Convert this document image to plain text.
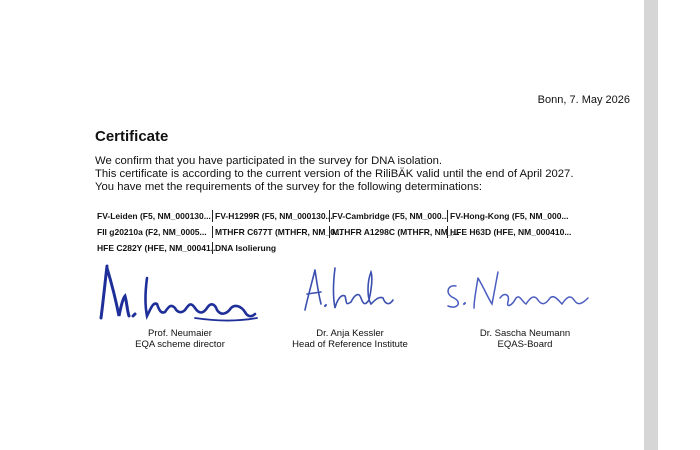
Bonn, 7. May 2026
Certificate
We confirm that you have participated in the survey for DNA isolation.
This certificate is according to the current version of the RiliBÄK valid until the end of April 2027.
You have met the requirements of the survey for the following determinations:
FV-Leiden (F5, NM_000130... FV-H1299R (F5, NM_000130... FV-Cambridge (F5, NM_000... FV-Hong-Kong (F5, NM_000...
FII g20210a (F2, NM_0005... MTHFR C677T (MTHFR, NM_0...
MTHFR A1298C (MTHFR, NM_...
HFE H63D (HFE, NM_000410...
HFE C282Y (HFE, NM_00041...
DNA Isolierung
Prof. Neumaier
EQA scheme director
Dr. Anja Kessler
Head of Reference Institute
Dr. Sascha Neumann
EQAS-Board
